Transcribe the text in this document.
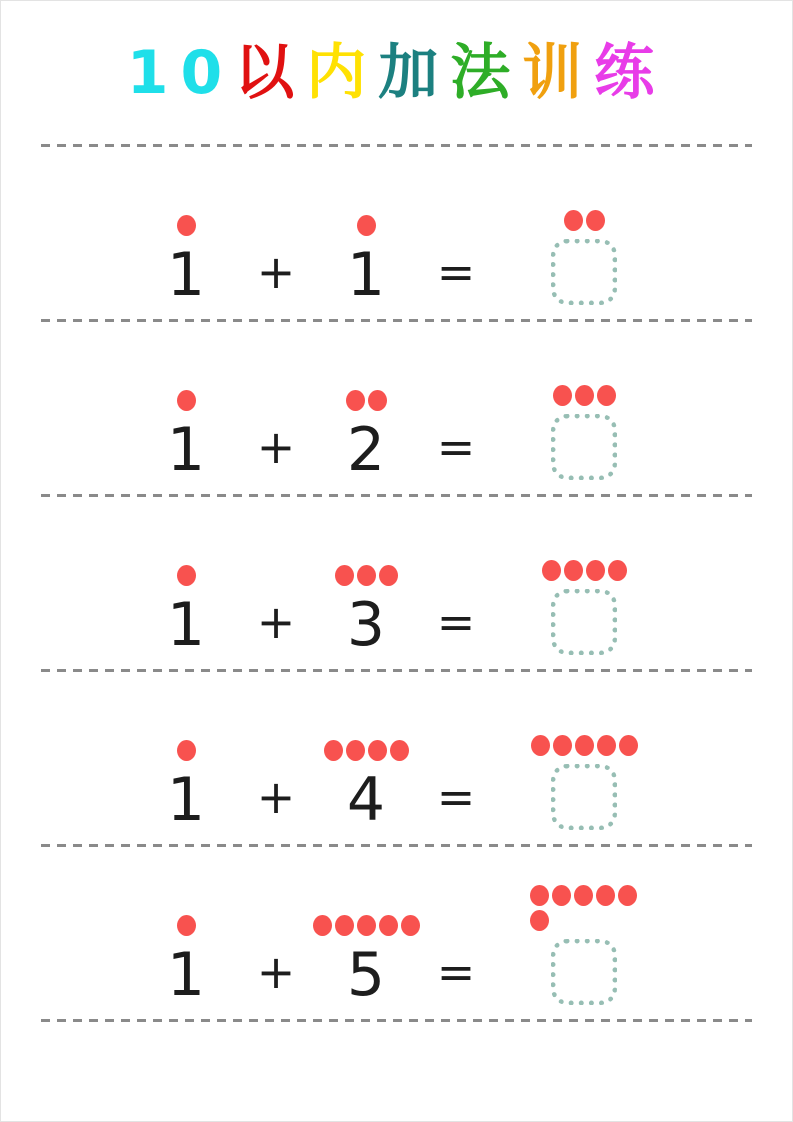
10以内加法训练
1	+ 1	=
1	+ 2	=
1	+ 3	=
1	+ 4	=
1	+ 5	=
